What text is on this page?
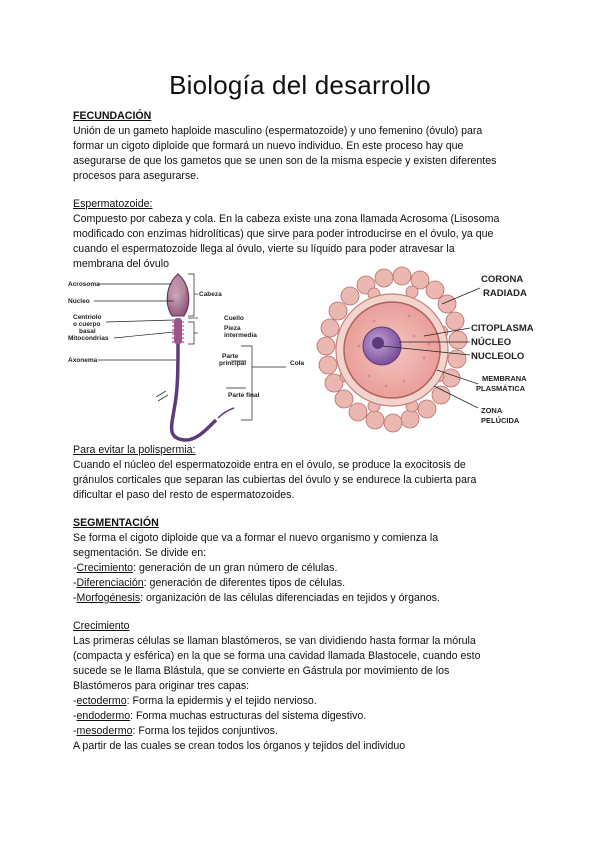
Biología del desarrollo
FECUNDACIÓN
Unión de un gameto haploide masculino (espermatozoide) y uno femenino (óvulo) para
formar un cigoto diploide que formará un nuevo individuo. En este proceso hay que
asegurarse de que los gametos que se unen son de la misma especie y existen diferentes
procesos para asegurarse.
Espermatozoide:
Compuesto por cabeza y cola. En la cabeza existe una zona llamada Acrosoma (Lisosoma
modificado con enzimas hidrolíticas) que sirve para poder introducirse en el óvulo, ya que
cuando el espermatozoide llega al óvulo, vierte su líquido para poder atravesar la
membrana del óvulo
Acrosoma
Núcleo
Centriolo
o cuerpo
basal
Mitocondrias
Axonema
Cabeza
Cuello
Pieza
intermedia
Parte
principal
Parte final
Cola
CORONA
RADIADA
CITOPLASMA
NÚCLEO
NUCLEOLO
MEMBRANA
PLASMÁTICA
ZONA
PELÚCIDA
Para evitar la polispermia:
Cuando el núcleo del espermatozoide entra en el óvulo, se produce la exocitosis de
gránulos corticales que separan las cubiertas del óvulo y se endurece la cubierta para
dificultar el paso del resto de espermatozoides.
SEGMENTACIÓN
Se forma el cigoto diploide que va a formar el nuevo organismo y comienza la
segmentación. Se divide en:
-Crecimiento: generación de un gran número de células.
-Diferenciación: generación de diferentes tipos de células.
-Morfogénesis: organización de las células diferenciadas en tejidos y órganos.
Crecimiento
Las primeras células se llaman blastómeros, se van dividiendo hasta formar la mórula
(compacta y esférica) en la que se forma una cavidad llamada Blastocele, cuando esto
sucede se le llama Blástula, que se convierte en Gástrula por movimiento de los
Blastómeros para originar tres capas:
-ectodermo: Forma la epidermis y el tejido nervioso.
-endodermo: Forma muchas estructuras del sistema digestivo.
-mesodermo: Forma los tejidos conjuntivos.
A partir de las cuales se crean todos los órganos y tejidos del individuo
